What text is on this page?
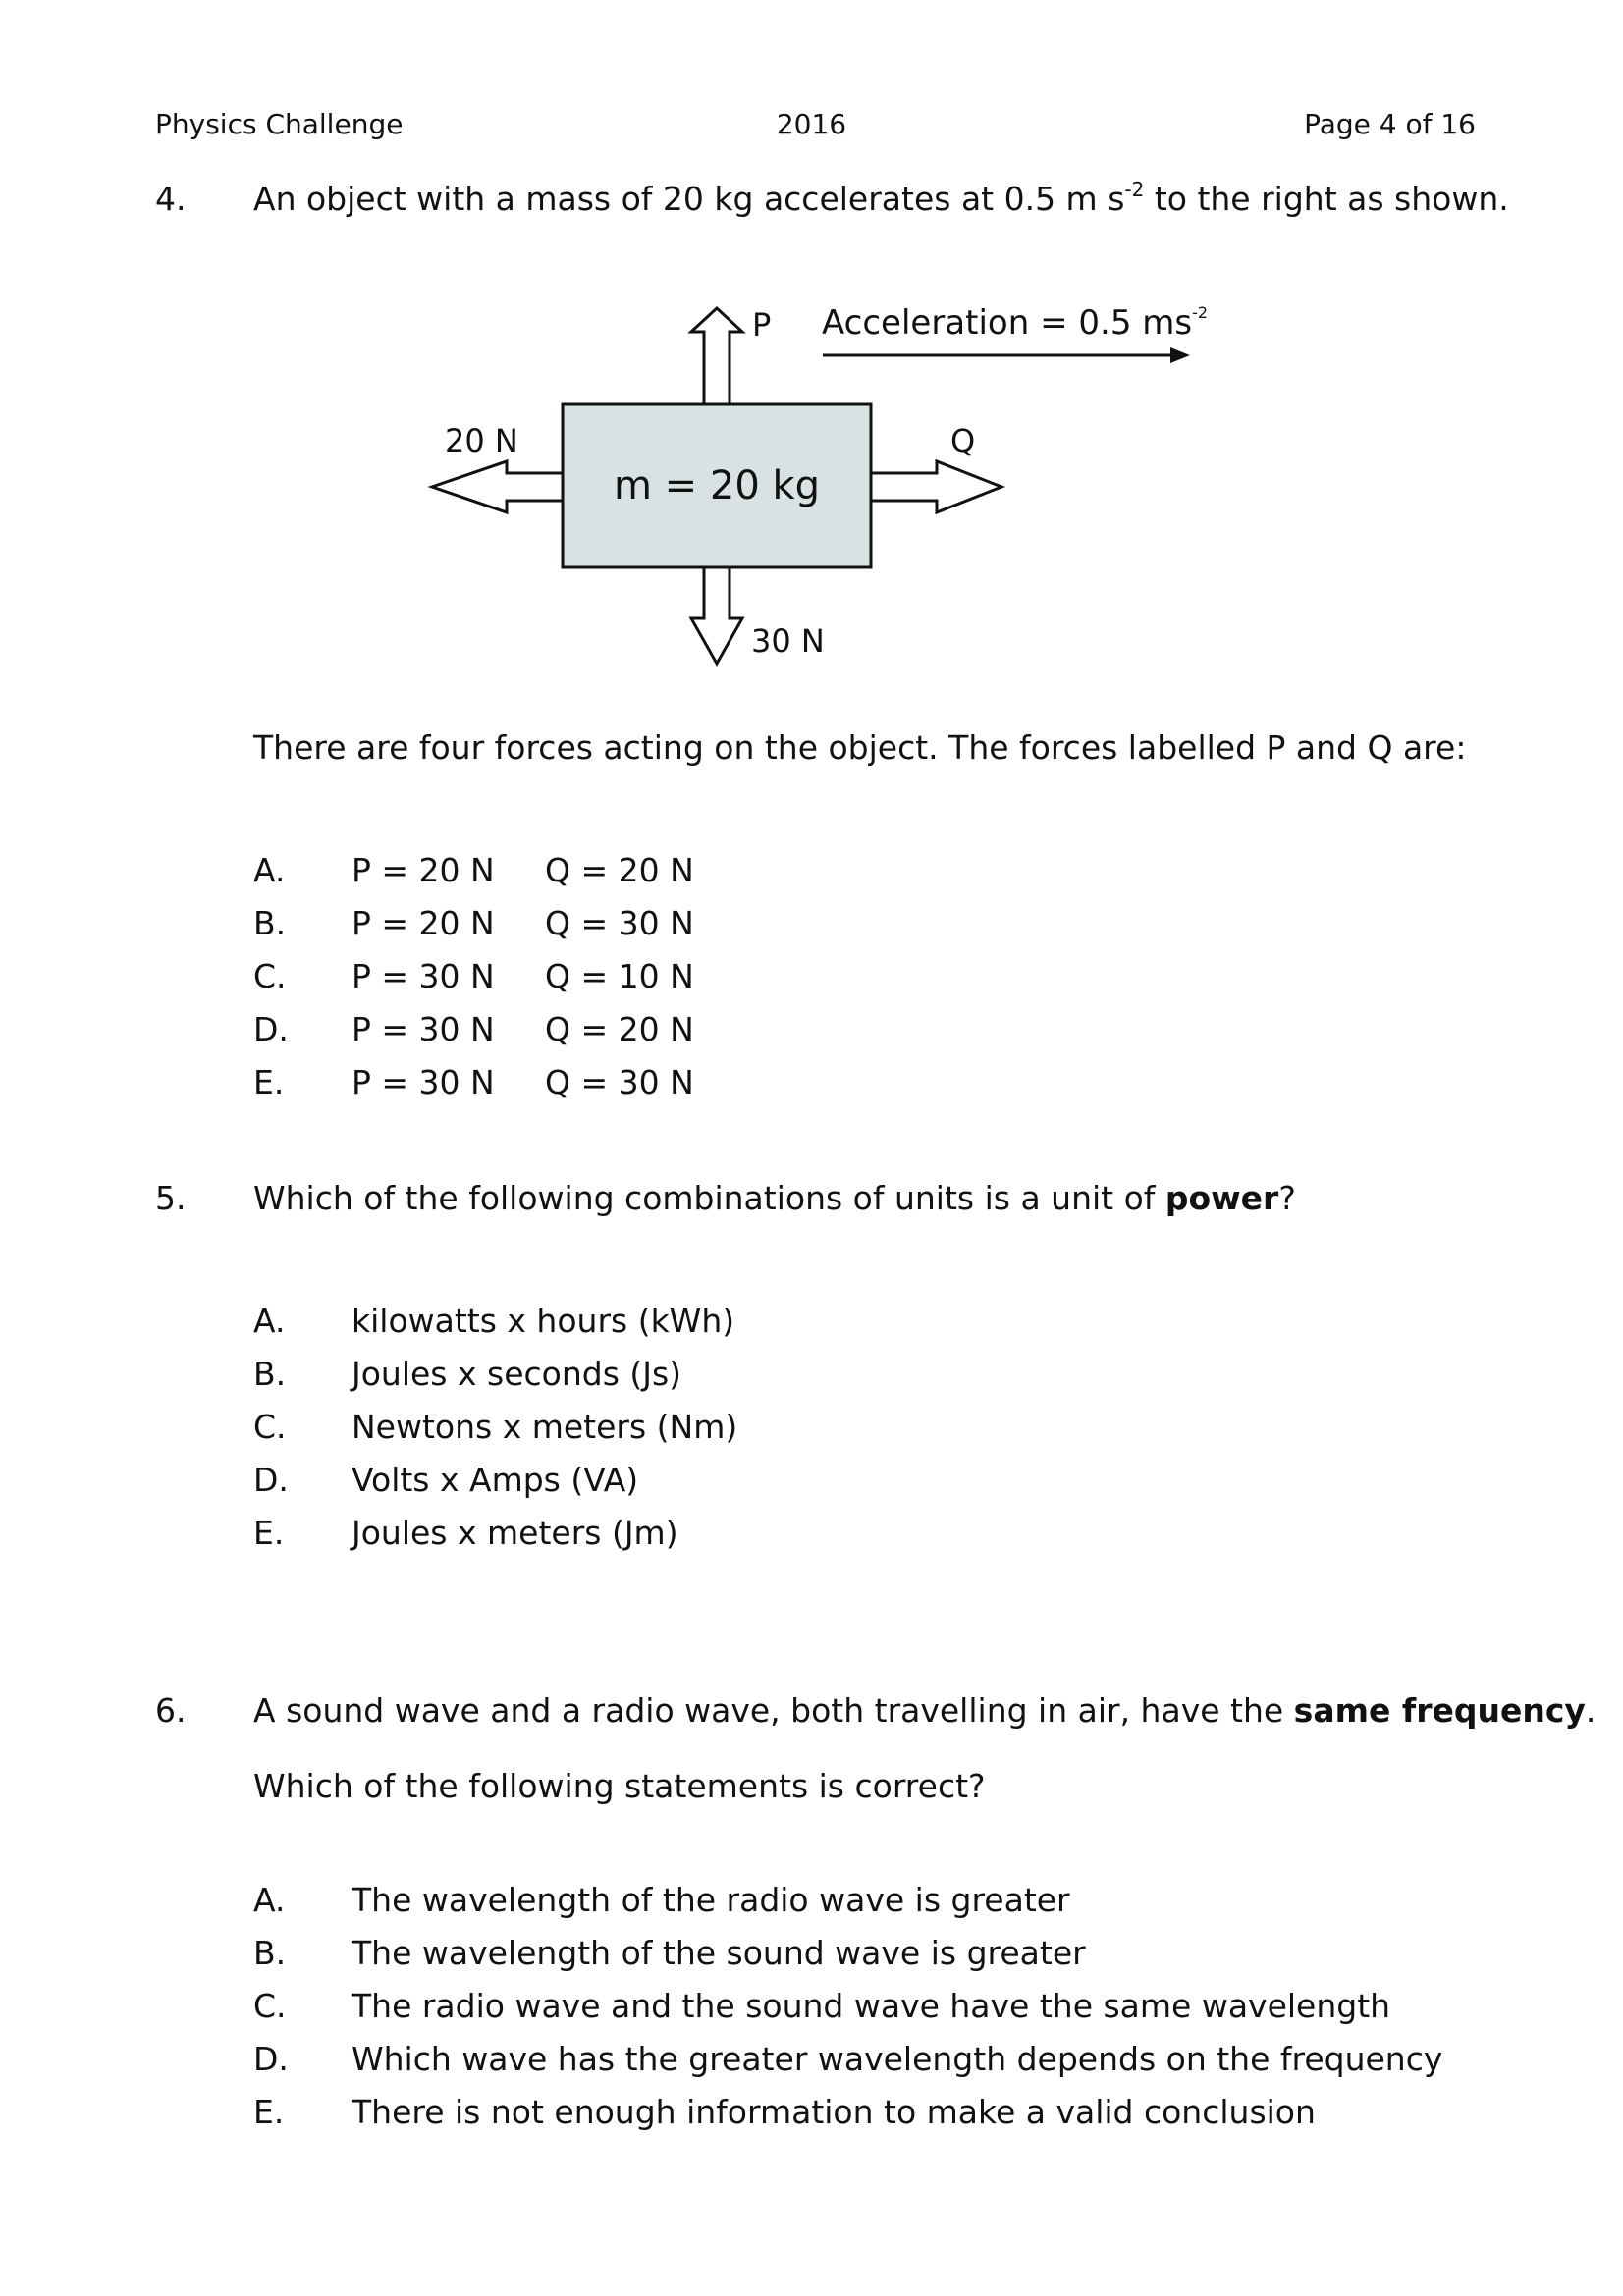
Physics Challenge	2016	Page 4 of 16
4. An object with a mass of 20 kg accelerates at 0.5 m $s^{-2}$ to the right as shown.
m = 20 kg
P Acceleration = 0.5 $ms^{-2}$
20 N	Q
30 N
There are four forces acting on the object. The forces labelled P and Q are:
A. P = 20 N Q = 20 N
B. P = 20 N Q = 30 N
C. P = 30 N Q = 10 N
D. P = 30 N Q = 20 N
E. P = 30 N Q = 30 N
5. Which of the following combinations of units is a unit of power?
A. kilowatts x hours (kWh)
B. Joules x seconds (Js)
C. Newtons x meters (Nm)
D. Volts x Amps (VA)
E. Joules x meters (Jm)
6. A sound wave and a radio wave, both travelling in air, have the same frequency.
Which of the following statements is correct?
A. The wavelength of the radio wave is greater
B. The wavelength of the sound wave is greater
C. The radio wave and the sound wave have the same wavelength
D. Which wave has the greater wavelength depends on the frequency
E. There is not enough information to make a valid conclusion
